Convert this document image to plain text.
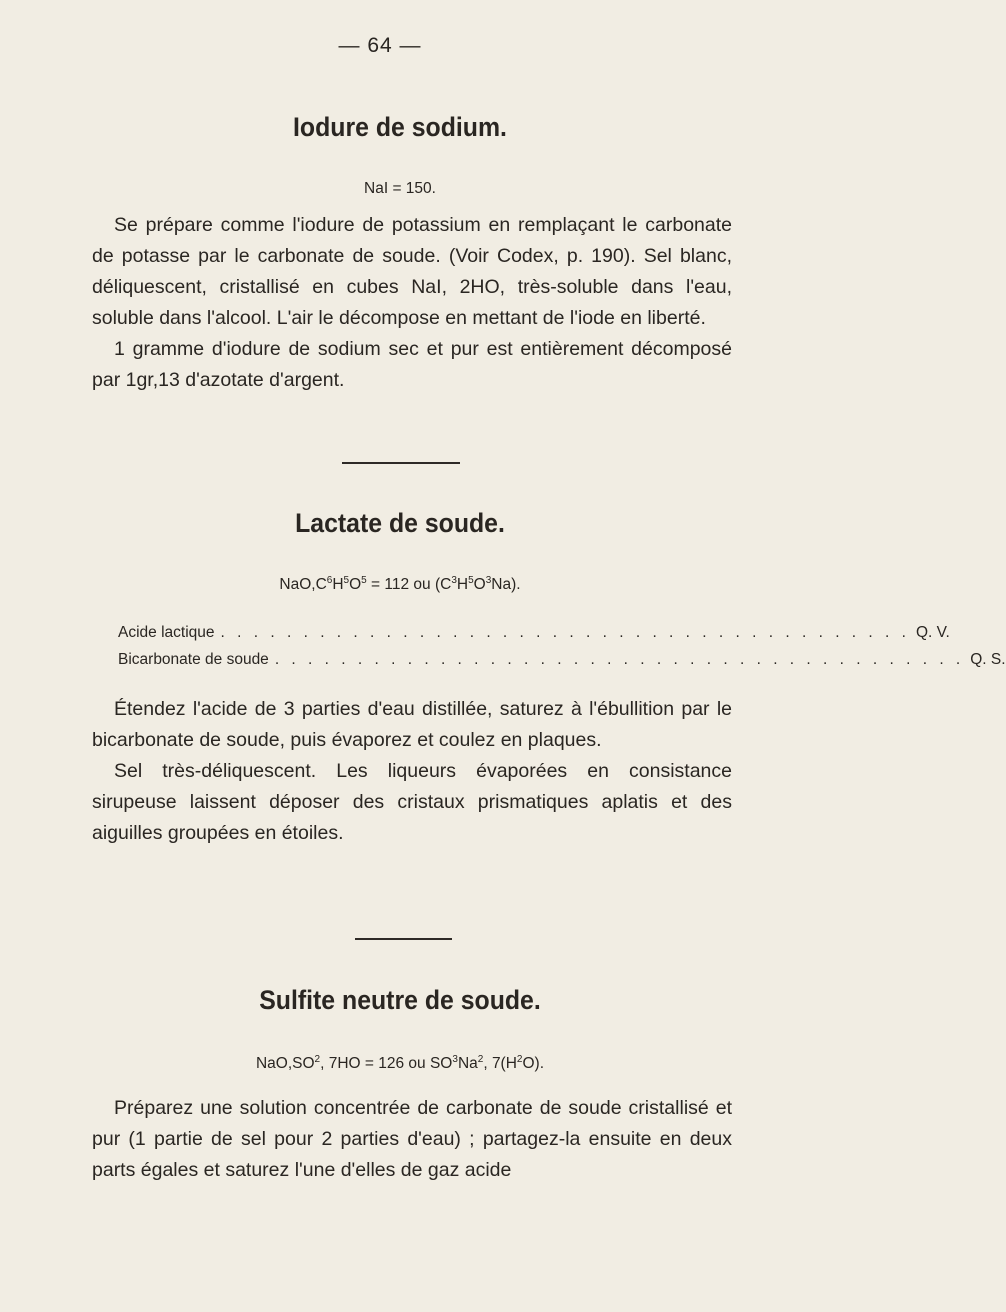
— 64 —
Iodure de sodium.
NaI = 150.

Se prépare comme l'iodure de potassium en remplaçant le carbonate de potasse par le carbonate de soude. (Voir Codex, p. 190). Sel blanc, déliquescent, cristallisé en cubes NaI, 2HO, très-soluble dans l'eau, soluble dans l'alcool. L'air le décompose en mettant de l'iode en liberté.

1 gramme d'iodure de sodium sec et pur est entièrement décomposé par 1gr,13 d'azotate d'argent.

Lactate de soude.
$NaO,C^6H^5O^5 = 112$ ou $(C^3H^5O^3Na)$.
Acide lactique . . . . . . . . . . . . . . . . . . . . . . . . . . . . . . . . . . . . . . . . . . Q. V.
Bicarbonate de soude . . . . . . . . . . . . . . . . . . . . . . . . . . . . . . . . . . . . . . . . . . Q. S.

Étendez l'acide de 3 parties d'eau distillée, saturez à l'ébullition par le bicarbonate de soude, puis évaporez et coulez en plaques.

Sel très-déliquescent. Les liqueurs évaporées en consistance sirupeuse laissent déposer des cristaux prismatiques aplatis et des aiguilles groupées en étoiles.

Sulfite neutre de soude.
$NaO,SO^2$, 7HO = 126 ou $SO^3Na^2$, $7(H^2O)$.

Préparez une solution concentrée de carbonate de soude cristallisé et pur (1 partie de sel pour 2 parties d'eau) ; partagez-la ensuite en deux parts égales et saturez l'une d'elles de gaz acide
